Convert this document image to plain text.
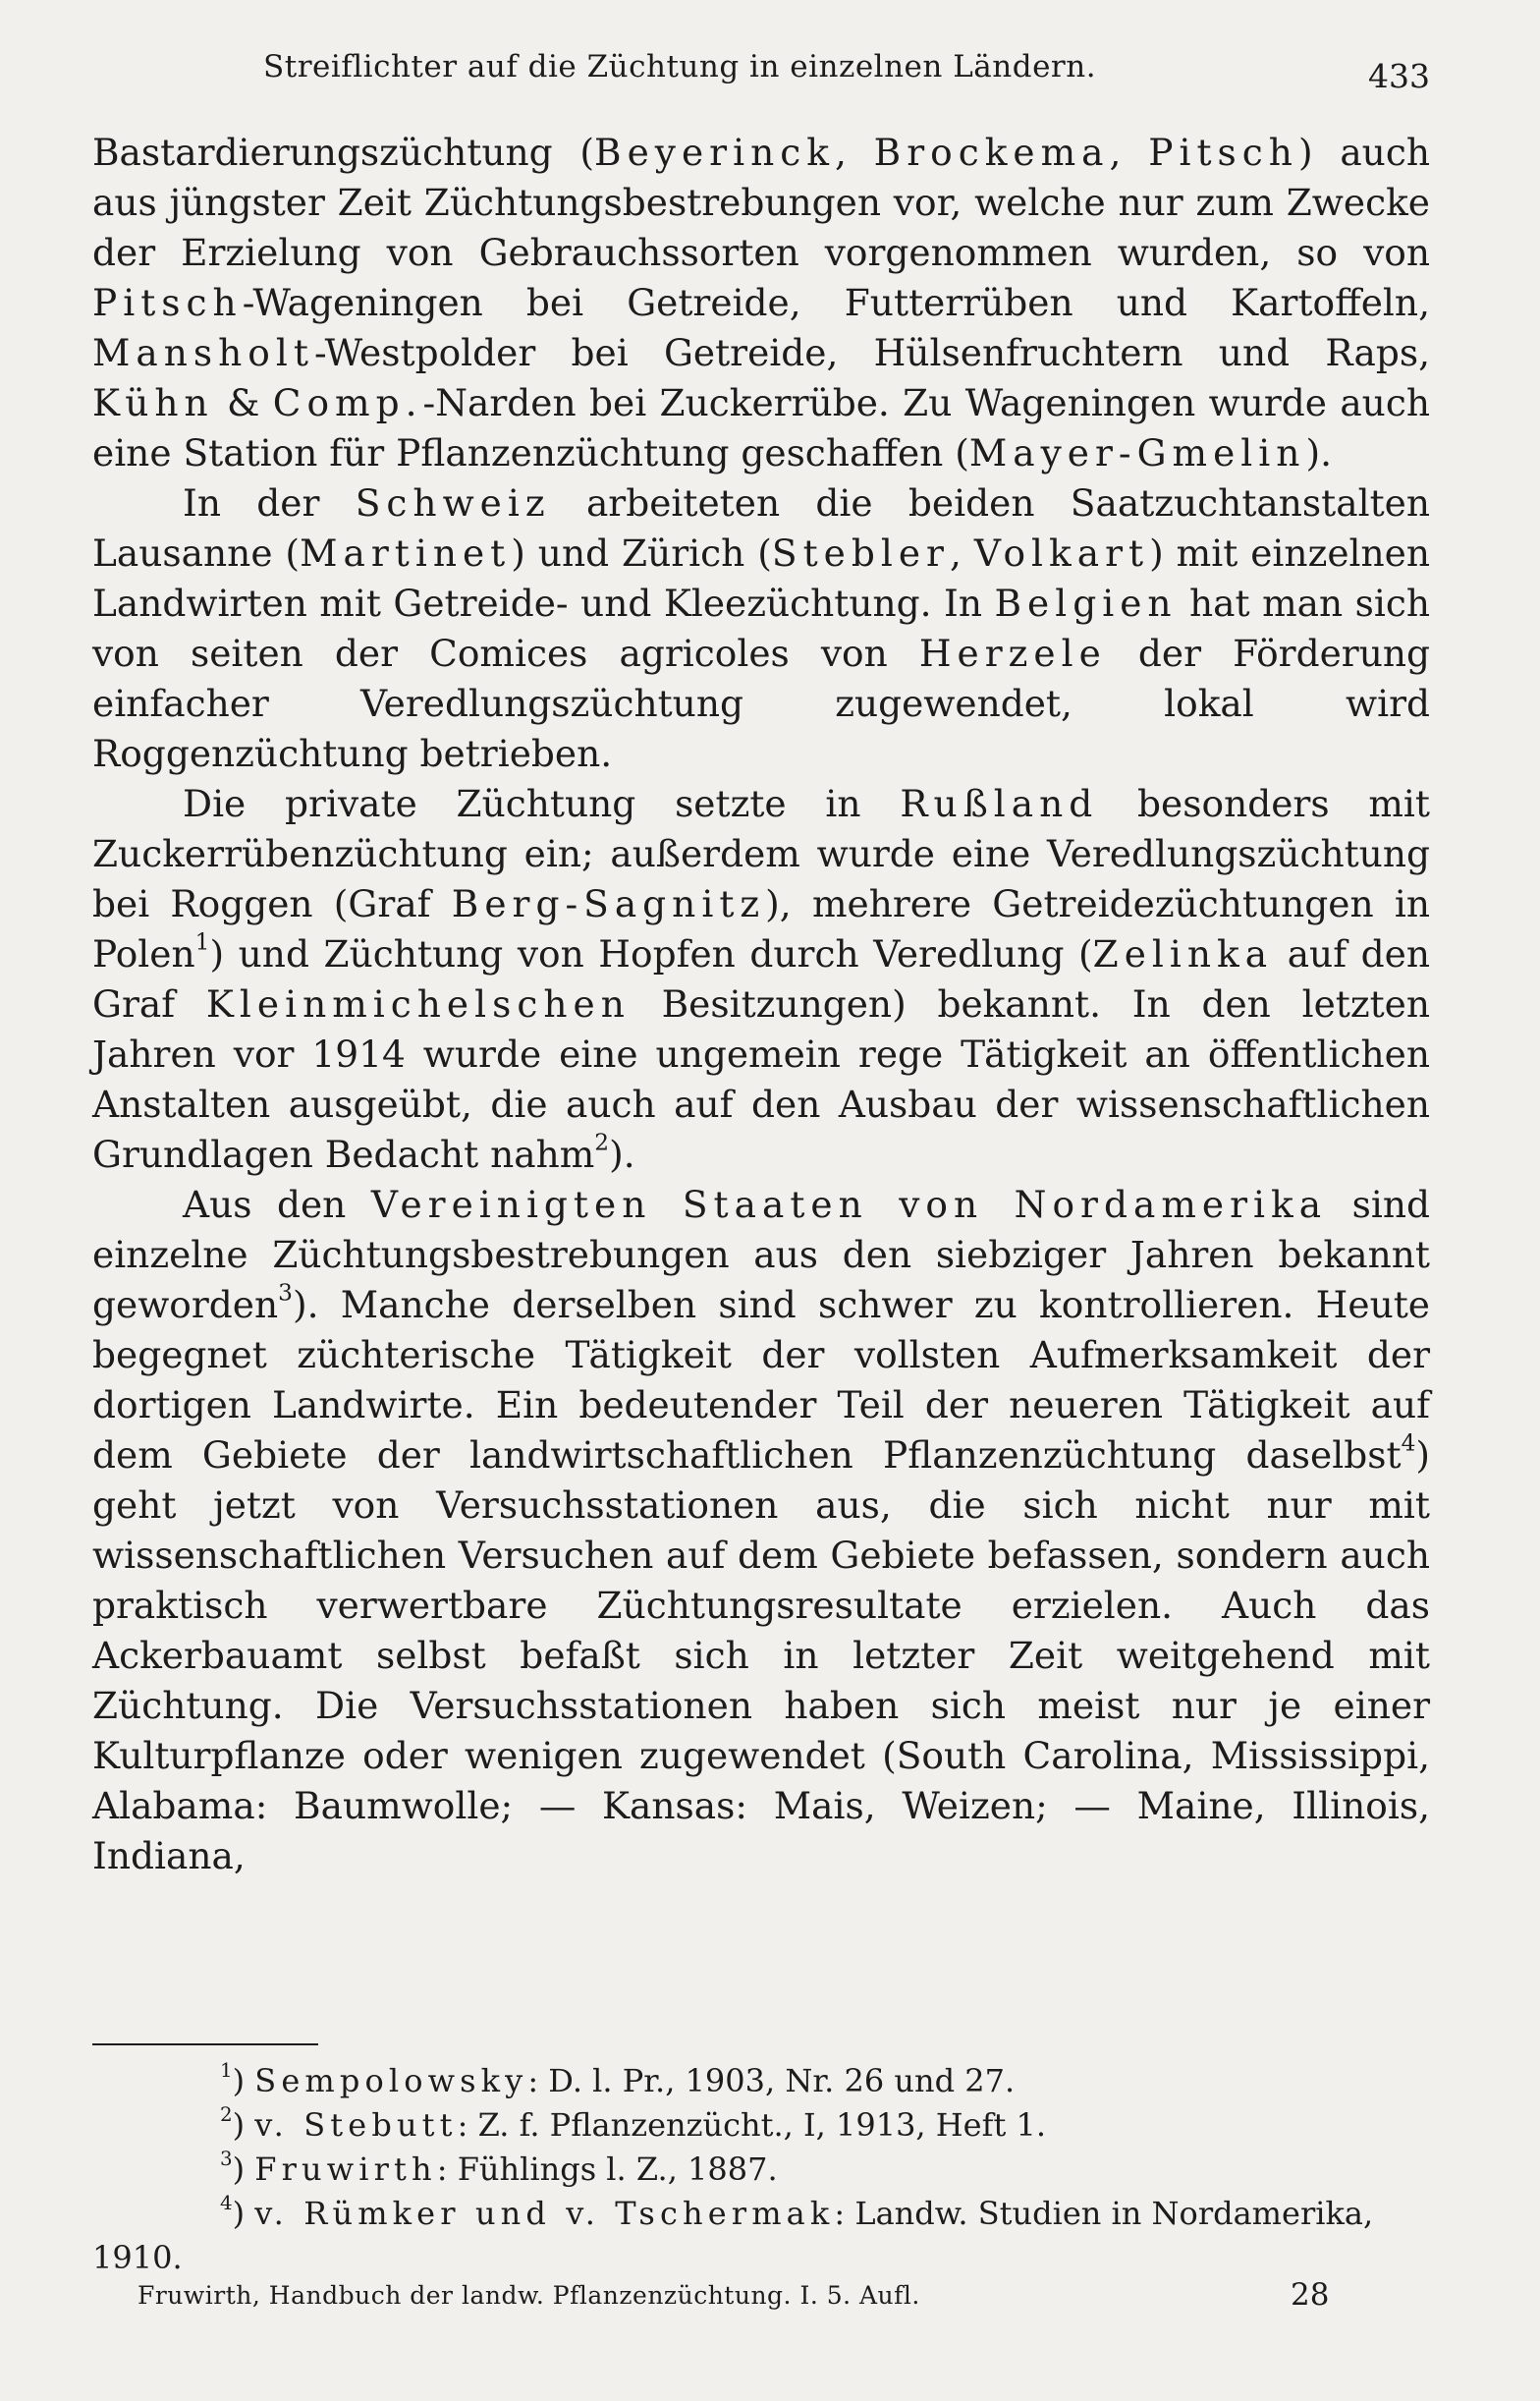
Streiflichter auf die Züchtung in einzelnen Ländern.	433

Bastardierungszüchtung (Beyerinck, Brockema, Pitsch) auch aus jüngster Zeit Züchtungsbestrebungen vor, welche nur zum Zwecke der Erzielung von Gebrauchssorten vorgenommen wurden, so von Pitsch-Wageningen bei Getreide, Futterrüben und Kartoffeln, Mansholt-Westpolder bei Getreide, Hülsenfruchtern und Raps, Kühn & Comp.-Narden bei Zuckerrübe. Zu Wageningen wurde auch eine Station für Pflanzenzüchtung geschaffen (Mayer-Gmelin).

In der Schweiz arbeiteten die beiden Saatzuchtanstalten Lausanne (Martinet) und Zürich (Stebler, Volkart) mit einzelnen Landwirten mit Getreide- und Kleezüchtung. In Belgien hat man sich von seiten der Comices agricoles von Herzele der Förderung einfacher Veredlungszüchtung zugewendet, lokal wird Roggenzüchtung betrieben.

Die private Züchtung setzte in Rußland besonders mit Zuckerrübenzüchtung ein; außerdem wurde eine Veredlungszüchtung bei Roggen (Graf Berg-Sagnitz), mehrere Getreidezüchtungen in Polen$^1$) und Züchtung von Hopfen durch Veredlung (Zelinka auf den Graf Kleinmichelschen Besitzungen) bekannt. In den letzten Jahren vor 1914 wurde eine ungemein rege Tätigkeit an öffentlichen Anstalten ausgeübt, die auch auf den Ausbau der wissenschaftlichen Grundlagen Bedacht nahm$^2$).

Aus den Vereinigten Staaten von Nordamerika sind einzelne Züchtungsbestrebungen aus den siebziger Jahren bekannt geworden$^3$). Manche derselben sind schwer zu kontrollieren. Heute begegnet züchterische Tätigkeit der vollsten Aufmerksamkeit der dortigen Landwirte. Ein bedeutender Teil der neueren Tätigkeit auf dem Gebiete der landwirtschaftlichen Pflanzenzüchtung daselbst$^4$) geht jetzt von Versuchsstationen aus, die sich nicht nur mit wissenschaftlichen Versuchen auf dem Gebiete befassen, sondern auch praktisch verwertbare Züchtungsresultate erzielen. Auch das Ackerbauamt selbst befaßt sich in letzter Zeit weitgehend mit Züchtung. Die Versuchsstationen haben sich meist nur je einer Kulturpflanze oder wenigen zugewendet (South Carolina, Mississippi, Alabama: Baumwolle; — Kansas: Mais, Weizen; — Maine, Illinois, Indiana,

$^1$) Sempolowsky: D. l. Pr., 1903, Nr. 26 und 27.

$^2$) v. Stebutt: Z. f. Pflanzenzücht., I, 1913, Heft 1.

$^3$) Fruwirth: Fühlings l. Z., 1887.

$^4$) v. Rümker und v. Tschermak: Landw. Studien in Nordamerika, 1910.

Fruwirth, Handbuch der landw. Pflanzenzüchtung. I. 5. Aufl.	28
